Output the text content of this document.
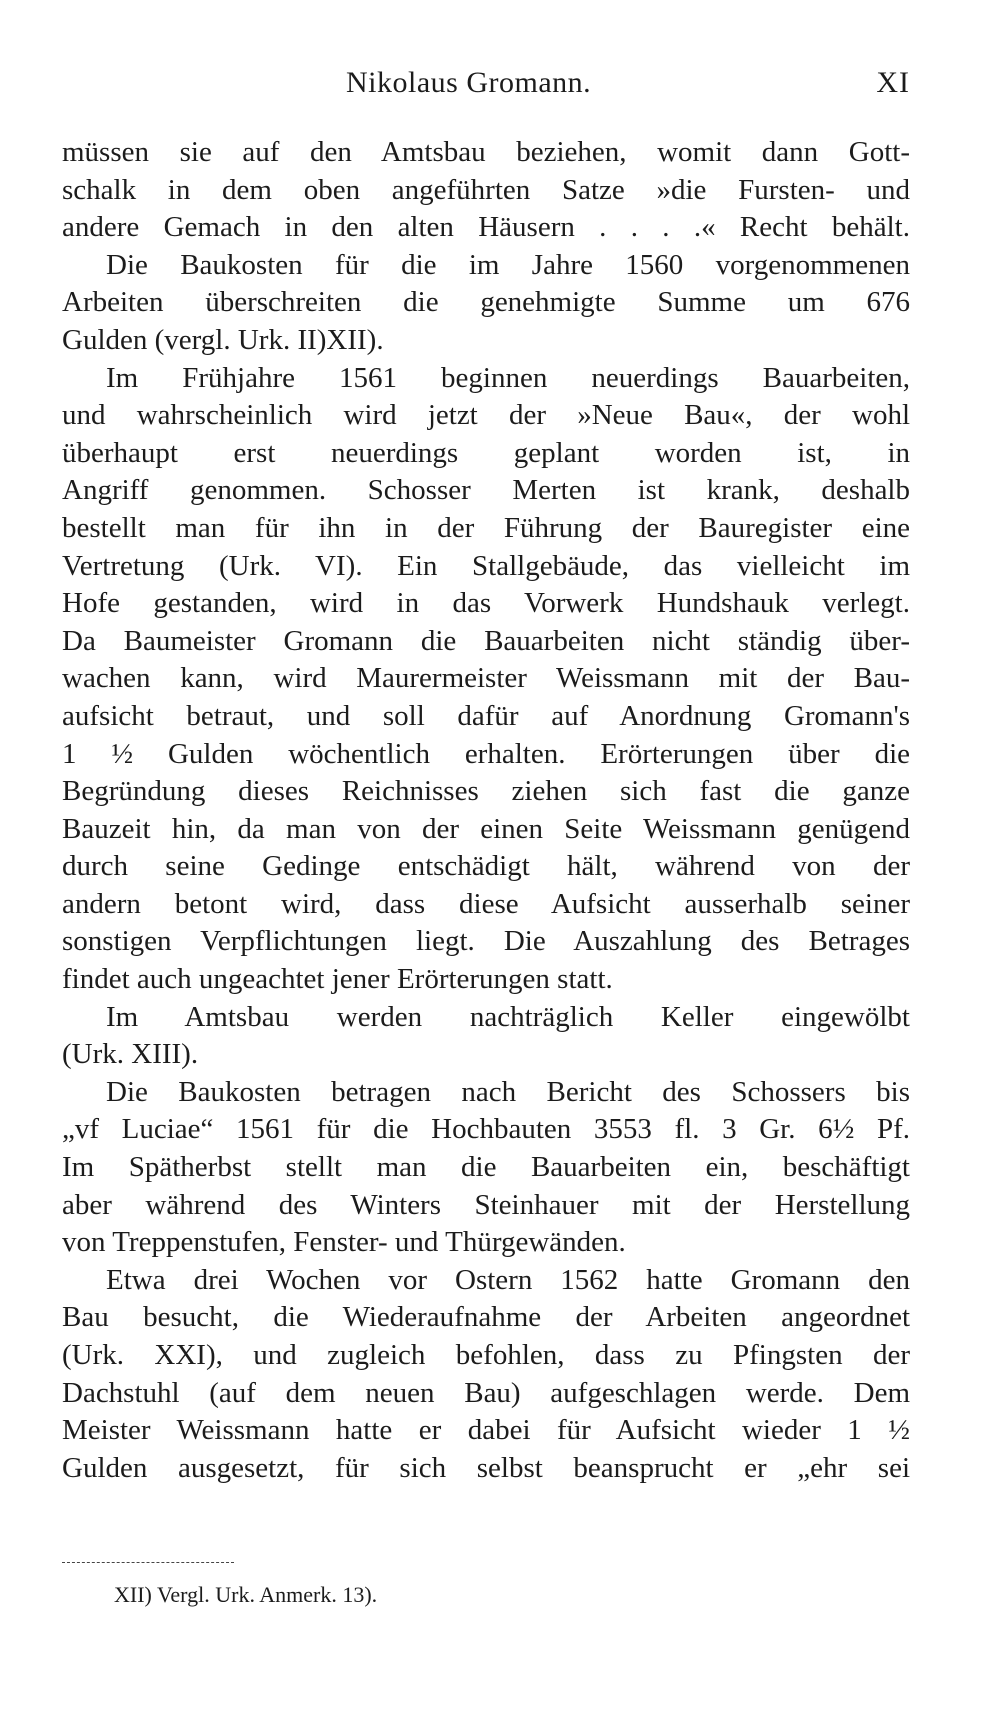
Nikolaus Gromann.	XI
müssen sie auf den Amtsbau beziehen, womit dann Gott-
schalk in dem oben angeführten Satze »die Fursten- und
andere Gemach in den alten Häusern . . . .« Recht behält.
Die Baukosten für die im Jahre 1560 vorgenommenen
Arbeiten überschreiten die genehmigte Summe um 676
Gulden (vergl. Urk. II)XII).
Im Frühjahre 1561 beginnen neuerdings Bauarbeiten,
und wahrscheinlich wird jetzt der »Neue Bau«, der wohl
überhaupt erst neuerdings geplant worden ist, in
Angriff genommen. Schosser Merten ist krank, deshalb
bestellt man für ihn in der Führung der Bauregister eine
Vertretung (Urk. VI). Ein Stallgebäude, das vielleicht im
Hofe gestanden, wird in das Vorwerk Hundshauk verlegt.
Da Baumeister Gromann die Bauarbeiten nicht ständig über-
wachen kann, wird Maurermeister Weissmann mit der Bau-
aufsicht betraut, und soll dafür auf Anordnung Gromann's
1 ½ Gulden wöchentlich erhalten. Erörterungen über die
Begründung dieses Reichnisses ziehen sich fast die ganze
Bauzeit hin, da man von der einen Seite Weissmann genügend
durch seine Gedinge entschädigt hält, während von der
andern betont wird, dass diese Aufsicht ausserhalb seiner
sonstigen Verpflichtungen liegt. Die Auszahlung des Betrages
findet auch ungeachtet jener Erörterungen statt.
Im Amtsbau werden nachträglich Keller eingewölbt
(Urk. XIII).
Die Baukosten betragen nach Bericht des Schossers bis
„vf Luciae“ 1561 für die Hochbauten 3553 fl. 3 Gr. 6½ Pf.
Im Spätherbst stellt man die Bauarbeiten ein, beschäftigt
aber während des Winters Steinhauer mit der Herstellung
von Treppenstufen, Fenster- und Thürgewänden.
Etwa drei Wochen vor Ostern 1562 hatte Gromann den
Bau besucht, die Wiederaufnahme der Arbeiten angeordnet
(Urk. XXI), und zugleich befohlen, dass zu Pfingsten der
Dachstuhl (auf dem neuen Bau) aufgeschlagen werde. Dem
Meister Weissmann hatte er dabei für Aufsicht wieder 1 ½
Gulden ausgesetzt, für sich selbst beansprucht er „ehr sei
XII) Vergl. Urk. Anmerk. 13).
